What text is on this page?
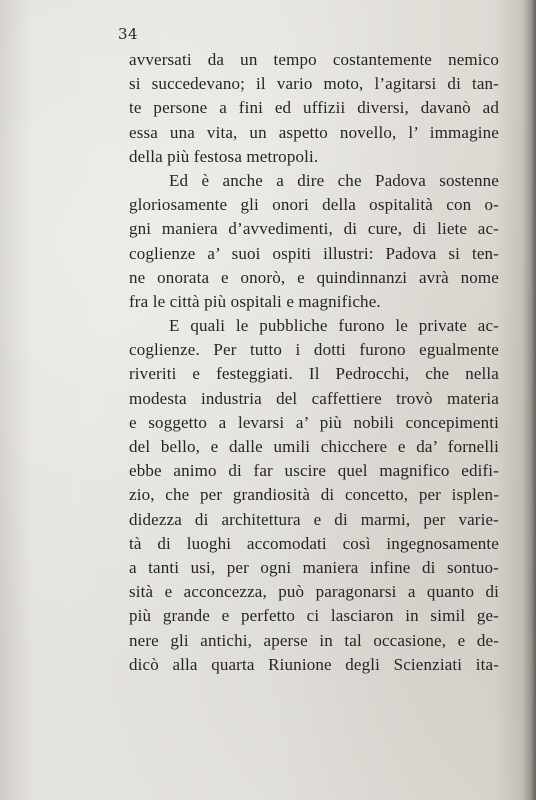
34
avversati da un tempo costantemente nemico
si succedevano; il vario moto, l’agitarsi di tan-
te persone a fini ed uffizii diversi, davanò ad
essa una vita, un aspetto novello, l’ immagine
della più festosa metropoli.
Ed è anche a dire che Padova sostenne
gloriosamente gli onori della ospitalità con o-
gni maniera d’avvedimenti, di cure, di liete ac-
coglienze a’ suoi ospiti illustri: Padova si ten-
ne onorata e onorò, e quindinnanzi avrà nome
fra le città più ospitali e magnifiche.
E quali le pubbliche furono le private ac-
coglienze. Per tutto i dotti furono egualmente
riveriti e festeggiati. Il Pedrocchi, che nella
modesta industria del caffettiere trovò materia
e soggetto a levarsi a’ più nobili concepimenti
del bello, e dalle umili chicchere e da’ fornelli
ebbe animo di far uscire quel magnifico edifi-
zio, che per grandiosità di concetto, per isplen-
didezza di architettura e di marmi, per varie-
tà di luoghi accomodati così ingegnosamente
a tanti usi, per ogni maniera infine di sontuo-
sità e acconcezza, può paragonarsi a quanto di
più grande e perfetto ci lasciaron in simil ge-
nere gli antichi, aperse in tal occasione, e de-
dicò alla quarta Riunione degli Scienziati ita-
